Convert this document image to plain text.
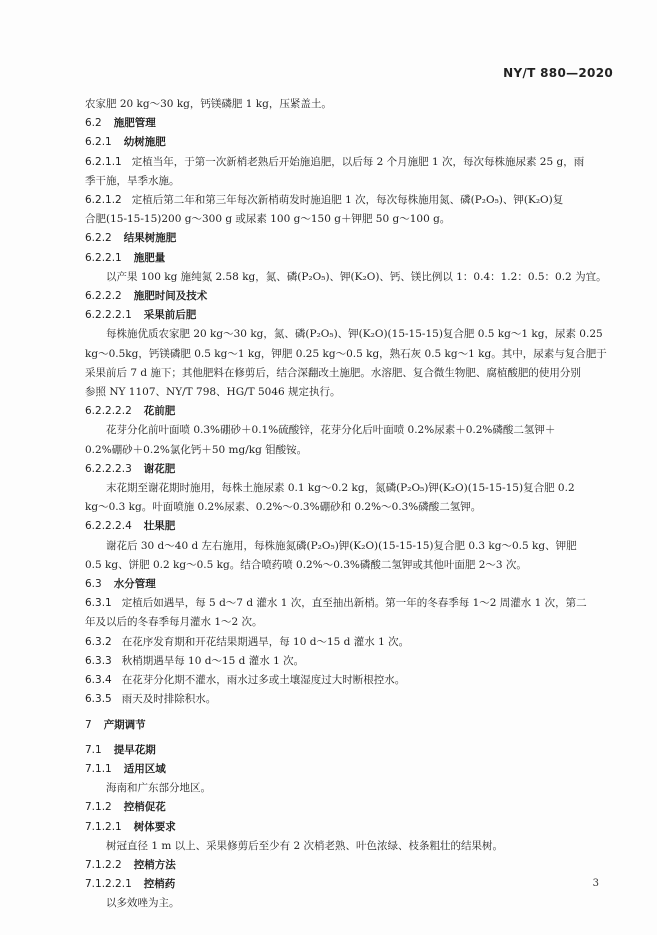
NY/T 880—2020
农家肥 20 kg～30 kg，钙镁磷肥 1 kg，压紧盖土。
6.2 施肥管理
6.2.1 幼树施肥
6.2.1.1 定植当年，于第一次新梢老熟后开始施追肥，以后每 2 个月施肥 1 次，每次每株施尿素 25 g，雨
季干施，旱季水施。
6.2.1.2 定植后第二年和第三年每次新梢萌发时施追肥 1 次，每次每株施用氮、磷(P₂O₅)、钾(K₂O)复
合肥(15-15-15)200 g～300 g 或尿素 100 g～150 g＋钾肥 50 g～100 g。
6.2.2 结果树施肥
6.2.2.1 施肥量
以产果 100 kg 施纯氮 2.58 kg，氮、磷(P₂O₅)、钾(K₂O)、钙、镁比例以 1：0.4：1.2：0.5：0.2 为宜。
6.2.2.2 施肥时间及技术
6.2.2.2.1 采果前后肥
每株施优质农家肥 20 kg～30 kg，氮、磷(P₂O₅)、钾(K₂O)(15-15-15)复合肥 0.5 kg～1 kg，尿素 0.25
kg～0.5kg，钙镁磷肥 0.5 kg～1 kg，钾肥 0.25 kg～0.5 kg，熟石灰 0.5 kg～1 kg。其中，尿素与复合肥于
采果前后 7 d 施下；其他肥料在修剪后，结合深翻改土施肥。水溶肥、复合微生物肥、腐植酸肥的使用分别
参照 NY 1107、NY/T 798、HG/T 5046 规定执行。
6.2.2.2.2 花前肥
花芽分化前叶面喷 0.3%硼砂＋0.1%硫酸锌，花芽分化后叶面喷 0.2%尿素＋0.2%磷酸二氢钾＋
0.2%硼砂＋0.2%氯化钙＋50 mg/kg 钼酸铵。
6.2.2.2.3 谢花肥
末花期至谢花期时施用，每株土施尿素 0.1 kg～0.2 kg，氮磷(P₂O₅)钾(K₂O)(15-15-15)复合肥 0.2
kg～0.3 kg。叶面喷施 0.2%尿素、0.2%～0.3%硼砂和 0.2%～0.3%磷酸二氢钾。
6.2.2.2.4 壮果肥
谢花后 30 d～40 d 左右施用，每株施氮磷(P₂O₅)钾(K₂O)(15-15-15)复合肥 0.3 kg～0.5 kg、钾肥
0.5 kg、饼肥 0.2 kg～0.5 kg。结合喷药喷 0.2%～0.3%磷酸二氢钾或其他叶面肥 2～3 次。
6.3 水分管理
6.3.1 定植后如遇旱，每 5 d～7 d 灌水 1 次，直至抽出新梢。第一年的冬春季每 1～2 周灌水 1 次，第二
年及以后的冬春季每月灌水 1～2 次。
6.3.2 在花序发育期和开花结果期遇旱，每 10 d～15 d 灌水 1 次。
6.3.3 秋梢期遇旱每 10 d～15 d 灌水 1 次。
6.3.4 在花芽分化期不灌水，雨水过多或土壤湿度过大时断根控水。
6.3.5 雨天及时排除积水。
7 产期调节
7.1 提早花期
7.1.1 适用区域
海南和广东部分地区。
7.1.2 控梢促花
7.1.2.1 树体要求
树冠直径 1 m 以上、采果修剪后至少有 2 次梢老熟、叶色浓绿、枝条粗壮的结果树。
7.1.2.2 控梢方法
7.1.2.2.1 控梢药
以多效唑为主。
3
